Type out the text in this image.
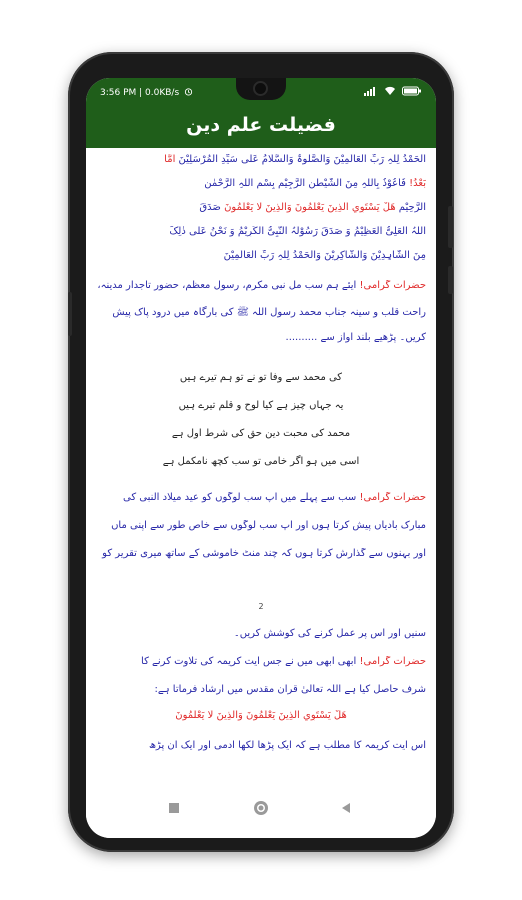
3:56 PM | 0.0KB/s
فضیلت علم دین
اَلْحَمْدُ لِلّٰہِ رَبِّ الْعَالَمِیْنَ وَالصَّلٰوۃُ وَالسَّلَامُ عَلٰی سَیِّدِ الْمُرْسَلِیْنَ اَمَّا
بَعْدُ! فَاَعُوْذُ بِاللّٰہِ مِنَ الشَّیْطٰنِ الرَّجِیْمِ بِسْمِ اللّٰہِ الرَّحْمٰنِ
الرَّحِیْمِ هَلْ يَسْتَوِي الَّذِينَ يَعْلَمُونَ وَالَّذِينَ لَا يَعْلَمُونَ صَدَقَ
اللّٰہُ الْعَلِیُّ الْعَظِیْمُ وَ صَدَقَ رَسُوْلُہُ النَّبِیُّ الْکَرِیْمُ وَ نَحْنُ عَلٰی ذٰلِکَ
مِنَ الشَّاہِدِیْنَ وَالشَّاکِرِیْنَ وَالْحَمْدُ لِلّٰہِ رَبِّ الْعَالَمِیْنَ
حضرات گرامی! آیئے ہم سب مل نبی مکرم، رسول معظم، حضور تاجدار مدینہ،
راحت قلب و سینہ جناب محمد رسول اللہ ﷺ کی بارگاہ میں درود پاک پیش
کریں۔ پڑھیے بلند آواز سے ..........
کی محمد سے وفا تو نے تو ہم تیرے ہیں
یہ جہاں چیز ہے کیا لوح و قلم تیرے ہیں
محمد کی محبت دین حق کی شرط اول ہے
اسی میں ہو اگر خامی تو سب کچھ نامکمل ہے
حضرات گرامی! سب سے پہلے میں آپ سب لوگوں کو عید میلاد النبی کی
مبارک بادیاں پیش کرتا ہوں اور آپ سب لوگوں سے خاص طور سے اپنی ماں
اور بہنوں سے گذارش کرتا ہوں کہ چند منٹ خاموشی کے ساتھ میری تقریر کو
2
سنیں اور اس پر عمل کرنے کی کوشش کریں۔
حضرات گرامی! ابھی ابھی میں نے جس آیت کریمہ کی تلاوت کرنے کا
شرف حاصل کیا ہے اللہ تعالیٰ قرآن مقدس میں ارشاد فرماتا ہے:
هَلْ يَسْتَوِي الَّذِينَ يَعْلَمُونَ وَالَّذِينَ لَا يَعْلَمُونَ
اس آیت کریمہ کا مطلب ہے کہ ایک پڑھا لکھا آدمی اور ایک ان پڑھ
